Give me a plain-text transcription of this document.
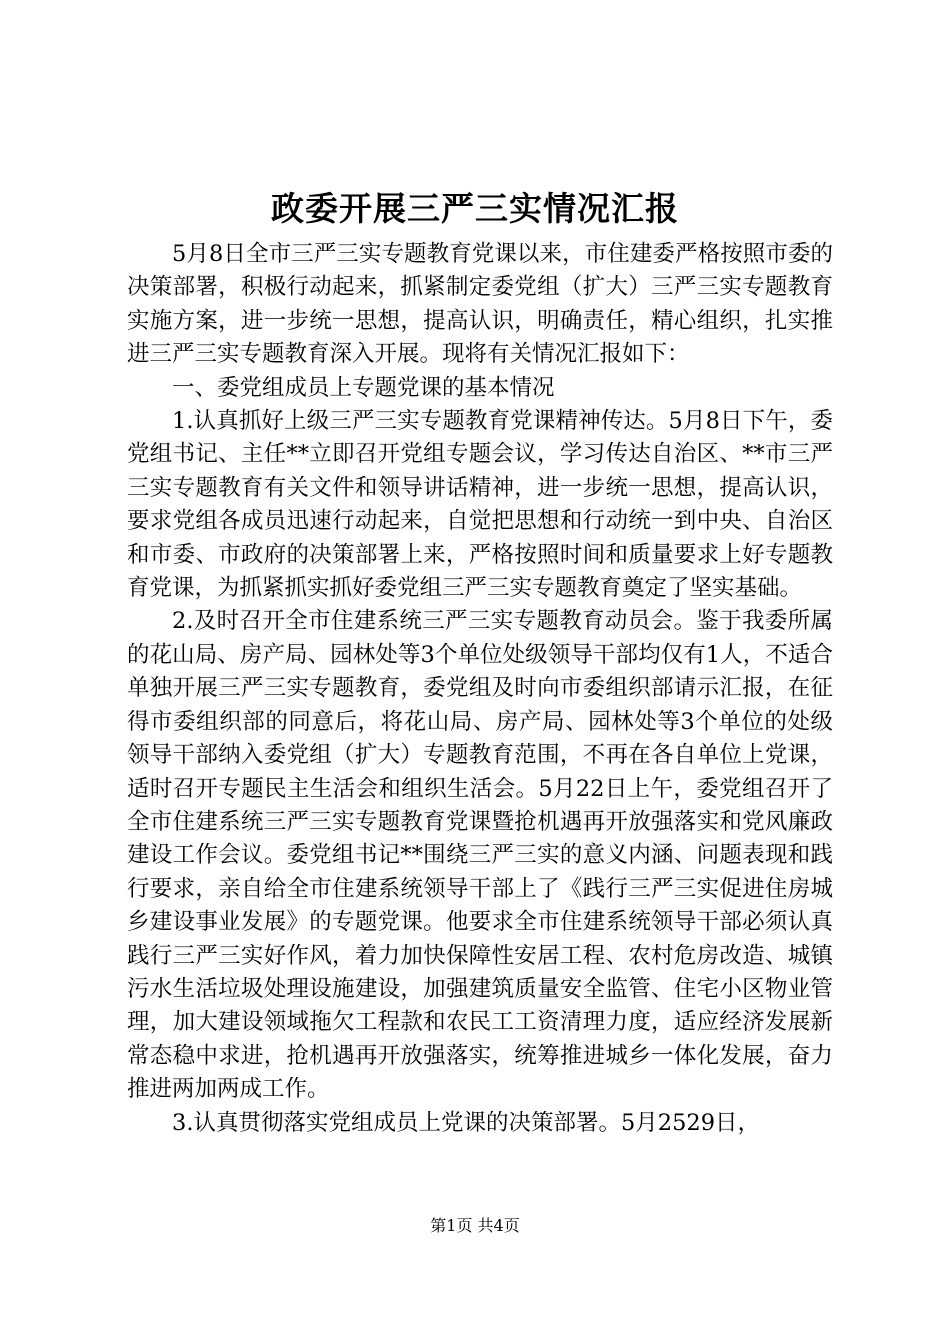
政委开展三严三实情况汇报

5月8日全市三严三实专题教育党课以来，市住建委严格按照市委的决策部署，积极行动起来，抓紧制定委党组（扩大）三严三实专题教育实施方案，进一步统一思想，提高认识，明确责任，精心组织，扎实推进三严三实专题教育深入开展。现将有关情况汇报如下：

一、委党组成员上专题党课的基本情况

1.认真抓好上级三严三实专题教育党课精神传达。5月8日下午，委党组书记、主任**立即召开党组专题会议，学习传达自治区、**市三严三实专题教育有关文件和领导讲话精神，进一步统一思想，提高认识，要求党组各成员迅速行动起来，自觉把思想和行动统一到中央、自治区和市委、市政府的决策部署上来，严格按照时间和质量要求上好专题教育党课，为抓紧抓实抓好委党组三严三实专题教育奠定了坚实基础。

2.及时召开全市住建系统三严三实专题教育动员会。鉴于我委所属的花山局、房产局、园林处等3个单位处级领导干部均仅有1人，不适合单独开展三严三实专题教育，委党组及时向市委组织部请示汇报，在征得市委组织部的同意后，将花山局、房产局、园林处等3个单位的处级领导干部纳入委党组（扩大）专题教育范围，不再在各自单位上党课，适时召开专题民主生活会和组织生活会。5月22日上午，委党组召开了全市住建系统三严三实专题教育党课暨抢机遇再开放强落实和党风廉政建设工作会议。委党组书记**围绕三严三实的意义内涵、问题表现和践行要求，亲自给全市住建系统领导干部上了《践行三严三实促进住房城乡建设事业发展》的专题党课。他要求全市住建系统领导干部必须认真践行三严三实好作风，着力加快保障性安居工程、农村危房改造、城镇污水生活垃圾处理设施建设，加强建筑质量安全监管、住宅小区物业管理，加大建设领域拖欠工程款和农民工工资清理力度，适应经济发展新常态稳中求进，抢机遇再开放强落实，统筹推进城乡一体化发展，奋力推进两加两成工作。

3.认真贯彻落实党组成员上党课的决策部署。5月2529日，

第1页 共4页
